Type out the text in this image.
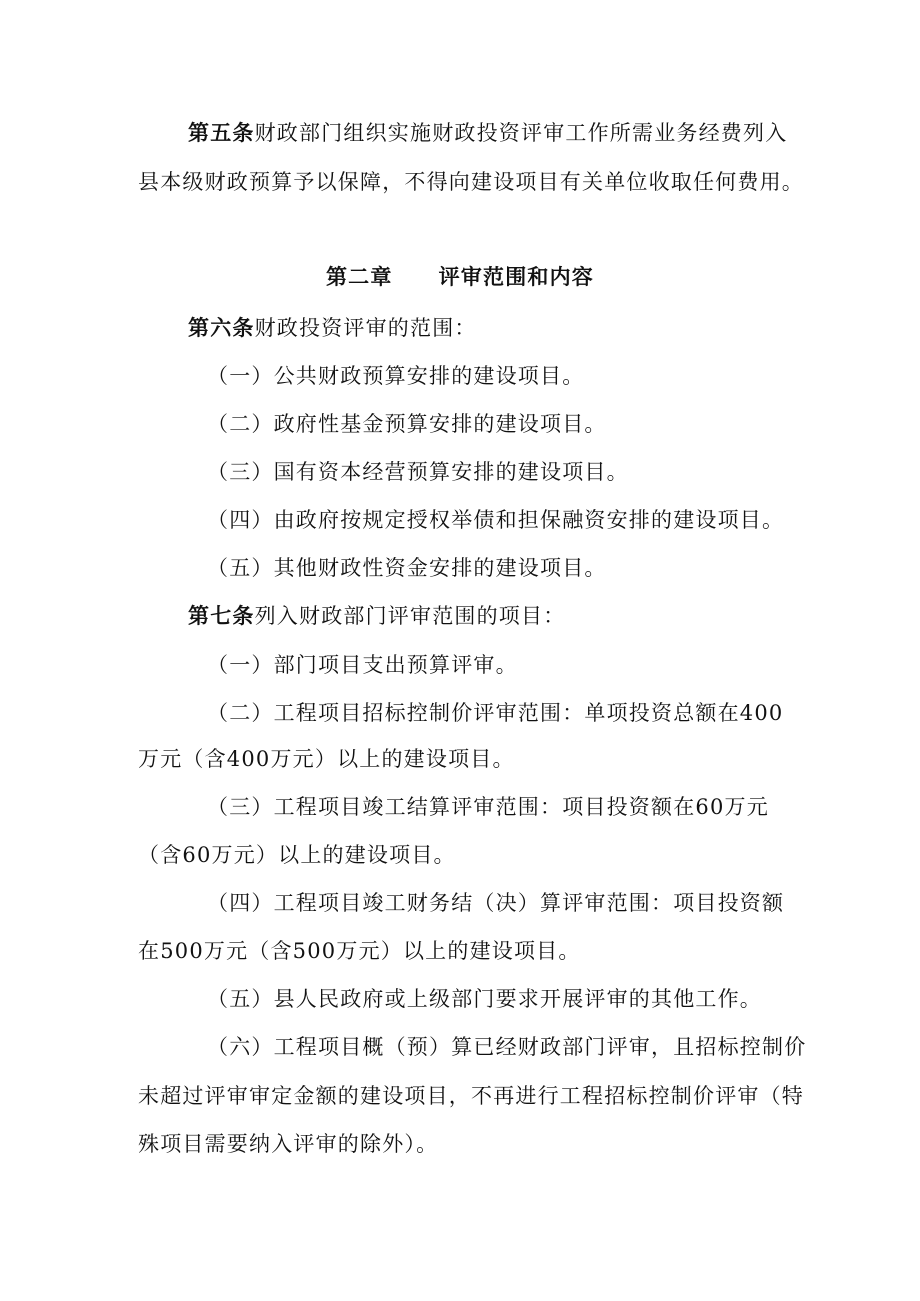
第五条财政部门组织实施财政投资评审工作所需业务经费列入
县本级财政预算予以保障，不得向建设项目有关单位收取任何费用。
第二章 评审范围和内容
第六条财政投资评审的范围：
（一）公共财政预算安排的建设项目。
（二）政府性基金预算安排的建设项目。
（三）国有资本经营预算安排的建设项目。
（四）由政府按规定授权举债和担保融资安排的建设项目。
（五）其他财政性资金安排的建设项目。
第七条列入财政部门评审范围的项目：
（一）部门项目支出预算评审。
（二）工程项目招标控制价评审范围：单项投资总额在400
万元（含400万元）以上的建设项目。
（三）工程项目竣工结算评审范围：项目投资额在60万元
（含60万元）以上的建设项目。
（四）工程项目竣工财务结（决）算评审范围：项目投资额
在500万元（含500万元）以上的建设项目。
（五）县人民政府或上级部门要求开展评审的其他工作。
（六）工程项目概（预）算已经财政部门评审，且招标控制价
未超过评审审定金额的建设项目，不再进行工程招标控制价评审（特
殊项目需要纳入评审的除外）。
